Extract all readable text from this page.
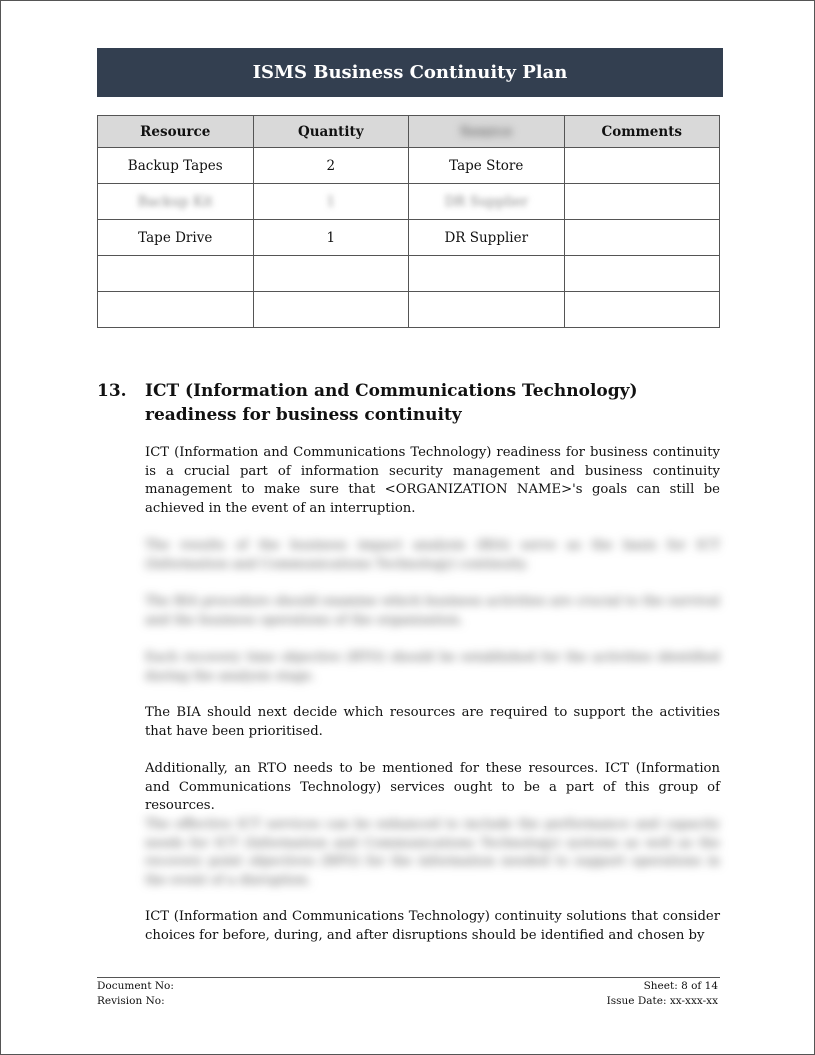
ISMS Business Continuity Plan
Resource	Quantity	Source	Comments
Backup Tapes	2	Tape Store	
Backup Kit	1	DR Supplier	
Tape Drive	1	DR Supplier	

13. ICT (Information and Communications Technology) readiness for business continuity

ICT (Information and Communications Technology) readiness for business continuity is a crucial part of information security management and business continuity management to make sure that <ORGANIZATION NAME>'s goals can still be achieved in the event of an interruption.

The results of the business impact analysis (BIA) serve as the basis for ICT (Information and Communications Technology) continuity.

The BIA procedure should examine which business activities are crucial to the survival and the business operations of the organisation.

Each recovery time objective (RTO) should be established for the activities identified during the analysis stage.

The BIA should next decide which resources are required to support the activities that have been prioritised.

Additionally, an RTO needs to be mentioned for these resources. ICT (Information and Communications Technology) services ought to be a part of this group of resources.

The effective ICT services can be enhanced to include the performance and capacity needs for ICT (Information and Communications Technology) systems as well as the recovery point objectives (RPO) for the information needed to support operations in the event of a disruption.

ICT (Information and Communications Technology) continuity solutions that consider choices for before, during, and after disruptions should be identified and chosen by

Document No:
Revision No:
Sheet: 8 of 14
Issue Date: xx-xxx-xx
